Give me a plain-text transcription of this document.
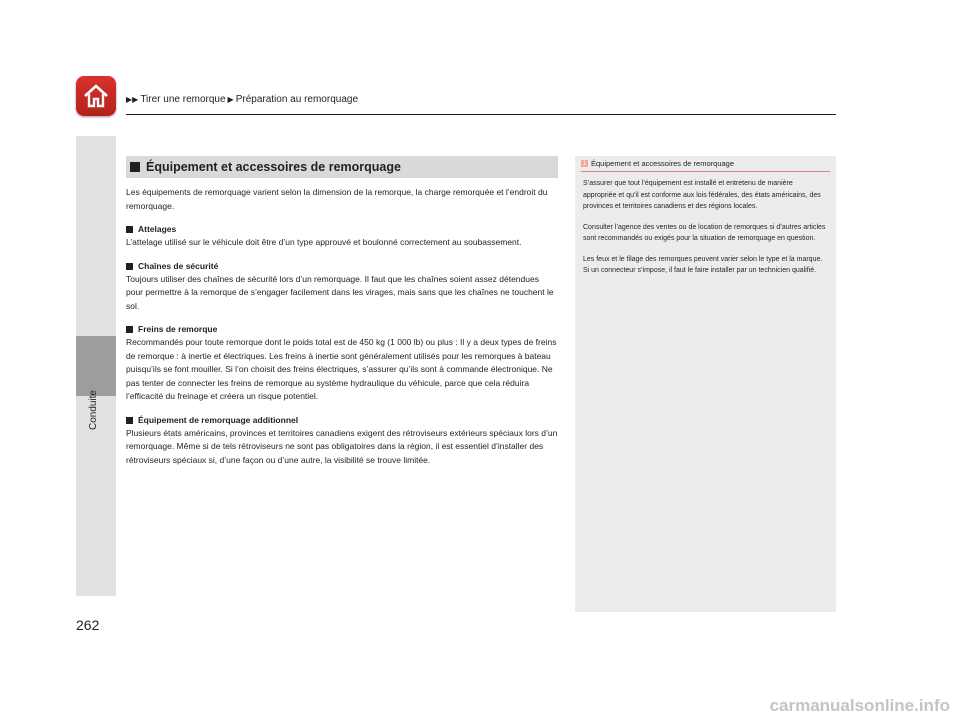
▶▶ Tirer une remorque ▶ Préparation au remorquage
Conduite
262
Équipement et accessoires de remorquage

Les équipements de remorquage varient selon la dimension de la remorque, la charge remorquée et l’endroit du remorquage.

Attelages
L’attelage utilisé sur le véhicule doit être d’un type approuvé et boulonné correctement au soubassement.
Chaînes de sécurité
Toujours utiliser des chaînes de sécurité lors d’un remorquage. Il faut que les chaînes soient assez détendues pour permettre à la remorque de s’engager facilement dans les virages, mais sans que les chaînes ne touchent le sol.
Freins de remorque
Recommandés pour toute remorque dont le poids total est de 450 kg (1 000 lb) ou plus : Il y a deux types de freins de remorque : à inertie et électriques. Les freins à inertie sont généralement utilisés pour les remorques à bateau puisqu’ils se font mouiller. Si l’on choisit des freins électriques, s’assurer qu’ils sont à commande électronique. Ne pas tenter de connecter les freins de remorque au système hydraulique du véhicule, parce que cela réduira l’efficacité du freinage et créera un risque potentiel.
Équipement de remorquage additionnel
Plusieurs états américains, provinces et territoires canadiens exigent des rétroviseurs extérieurs spéciaux lors d’un remorquage. Même si de tels rétroviseurs ne sont pas obligatoires dans la région, il est essentiel d’installer des rétroviseurs spéciaux si, d’une façon ou d’une autre, la visibilité se trouve limitée.
1 Équipement et accessoires de remorquage

S’assurer que tout l’équipement est installé et entretenu de manière appropriée et qu’il est conforme aux lois fédérales, des états américains, des provinces et territoires canadiens et des régions locales.

Consulter l’agence des ventes ou de location de remorques si d’autres articles sont recommandés ou exigés pour la situation de remorquage en question.

Les feux et le filage des remorques peuvent varier selon le type et la marque. Si un connecteur s’impose, il faut le faire installer par un technicien qualifié.

carmanualsonline.info
